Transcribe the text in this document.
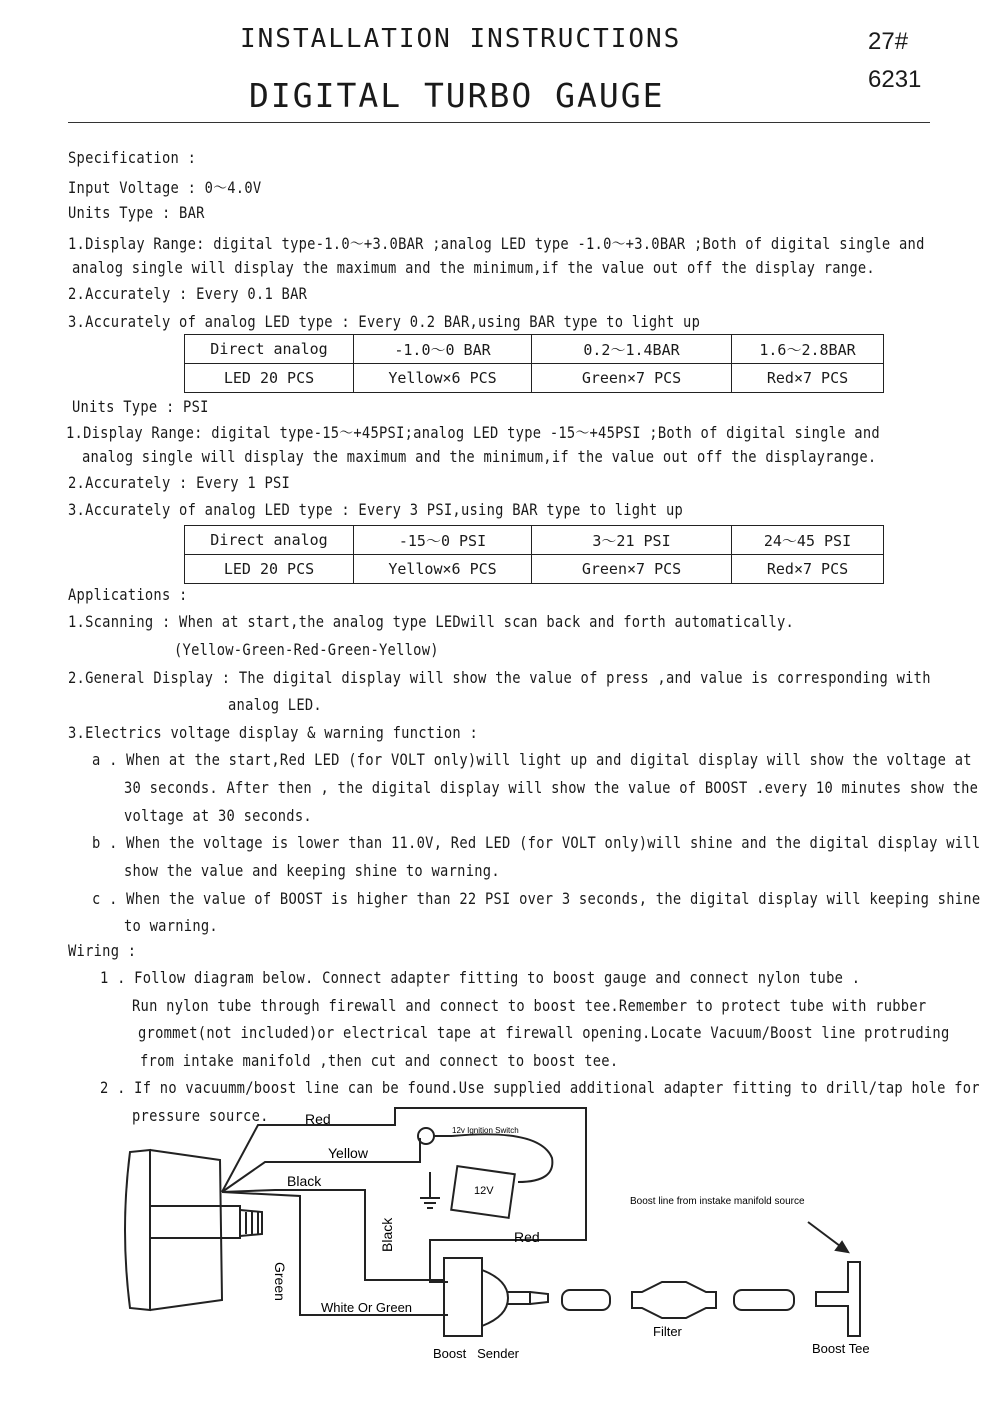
INSTALLATION INSTRUCTIONS
DIGITAL TURBO GAUGE
27#
6231
Specification :
Input Voltage : 0～4.0V
Units Type : BAR
1.Display Range: digital type-1.0～+3.0BAR ;analog LED type -1.0～+3.0BAR ;Both of digital single and
analog single will display the maximum and the minimum,if the value out off the display range.
2.Accurately : Every 0.1 BAR
3.Accurately of analog LED type : Every 0.2 BAR,using BAR type to light up
Direct analog	-1.0～0 BAR	0.2～1.4BAR	1.6～2.8BAR
LED 20 PCS	Yellow×6 PCS	Green×7 PCS	Red×7 PCS
Units Type : PSI
1.Display Range: digital type-15～+45PSI;analog LED type -15～+45PSI ;Both of digital single and
analog single will display the maximum and the minimum,if the value out off the displayrange.
2.Accurately : Every 1 PSI
3.Accurately of analog LED type : Every 3 PSI,using BAR type to light up
Direct analog	-15～0 PSI	3～21 PSI	24～45 PSI
LED 20 PCS	Yellow×6 PCS	Green×7 PCS	Red×7 PCS
Applications :
1.Scanning : When at start,the analog type LEDwill scan back and forth automatically.
(Yellow-Green-Red-Green-Yellow)
2.General Display : The digital display will show the value of press ,and value is corresponding with
analog LED.
3.Electrics voltage display & warning function :
a . When at the start,Red LED (for VOLT only)will light up and digital display will show the voltage at
30 seconds. After then , the digital display will show the value of BOOST .every 10 minutes show the
voltage at 30 seconds.
b . When the voltage is lower than 11.0V, Red LED (for VOLT only)will shine and the digital display will
show the value and keeping shine to warning.
c . When the value of BOOST is higher than 22 PSI over 3 seconds, the digital display will keeping shine
to warning.
Wiring :
1 . Follow diagram below. Connect adapter fitting to boost gauge and connect nylon tube .
Run nylon tube through firewall and connect to boost tee.Remember to protect tube with rubber
grommet(not included)or electrical tape at firewall opening.Locate Vacuum/Boost line protruding
from intake manifold ,then cut and connect to boost tee.
2 . If no vacuumm/boost line can be found.Use supplied additional adapter fitting to drill/tap hole for
pressure source.	Red
Yellow
Black
Red
12v Ignition Switch
12V
Black
Green
White Or Green
Boost line from instake manifold source
Filter
Boost Tee
Boost   Sender
